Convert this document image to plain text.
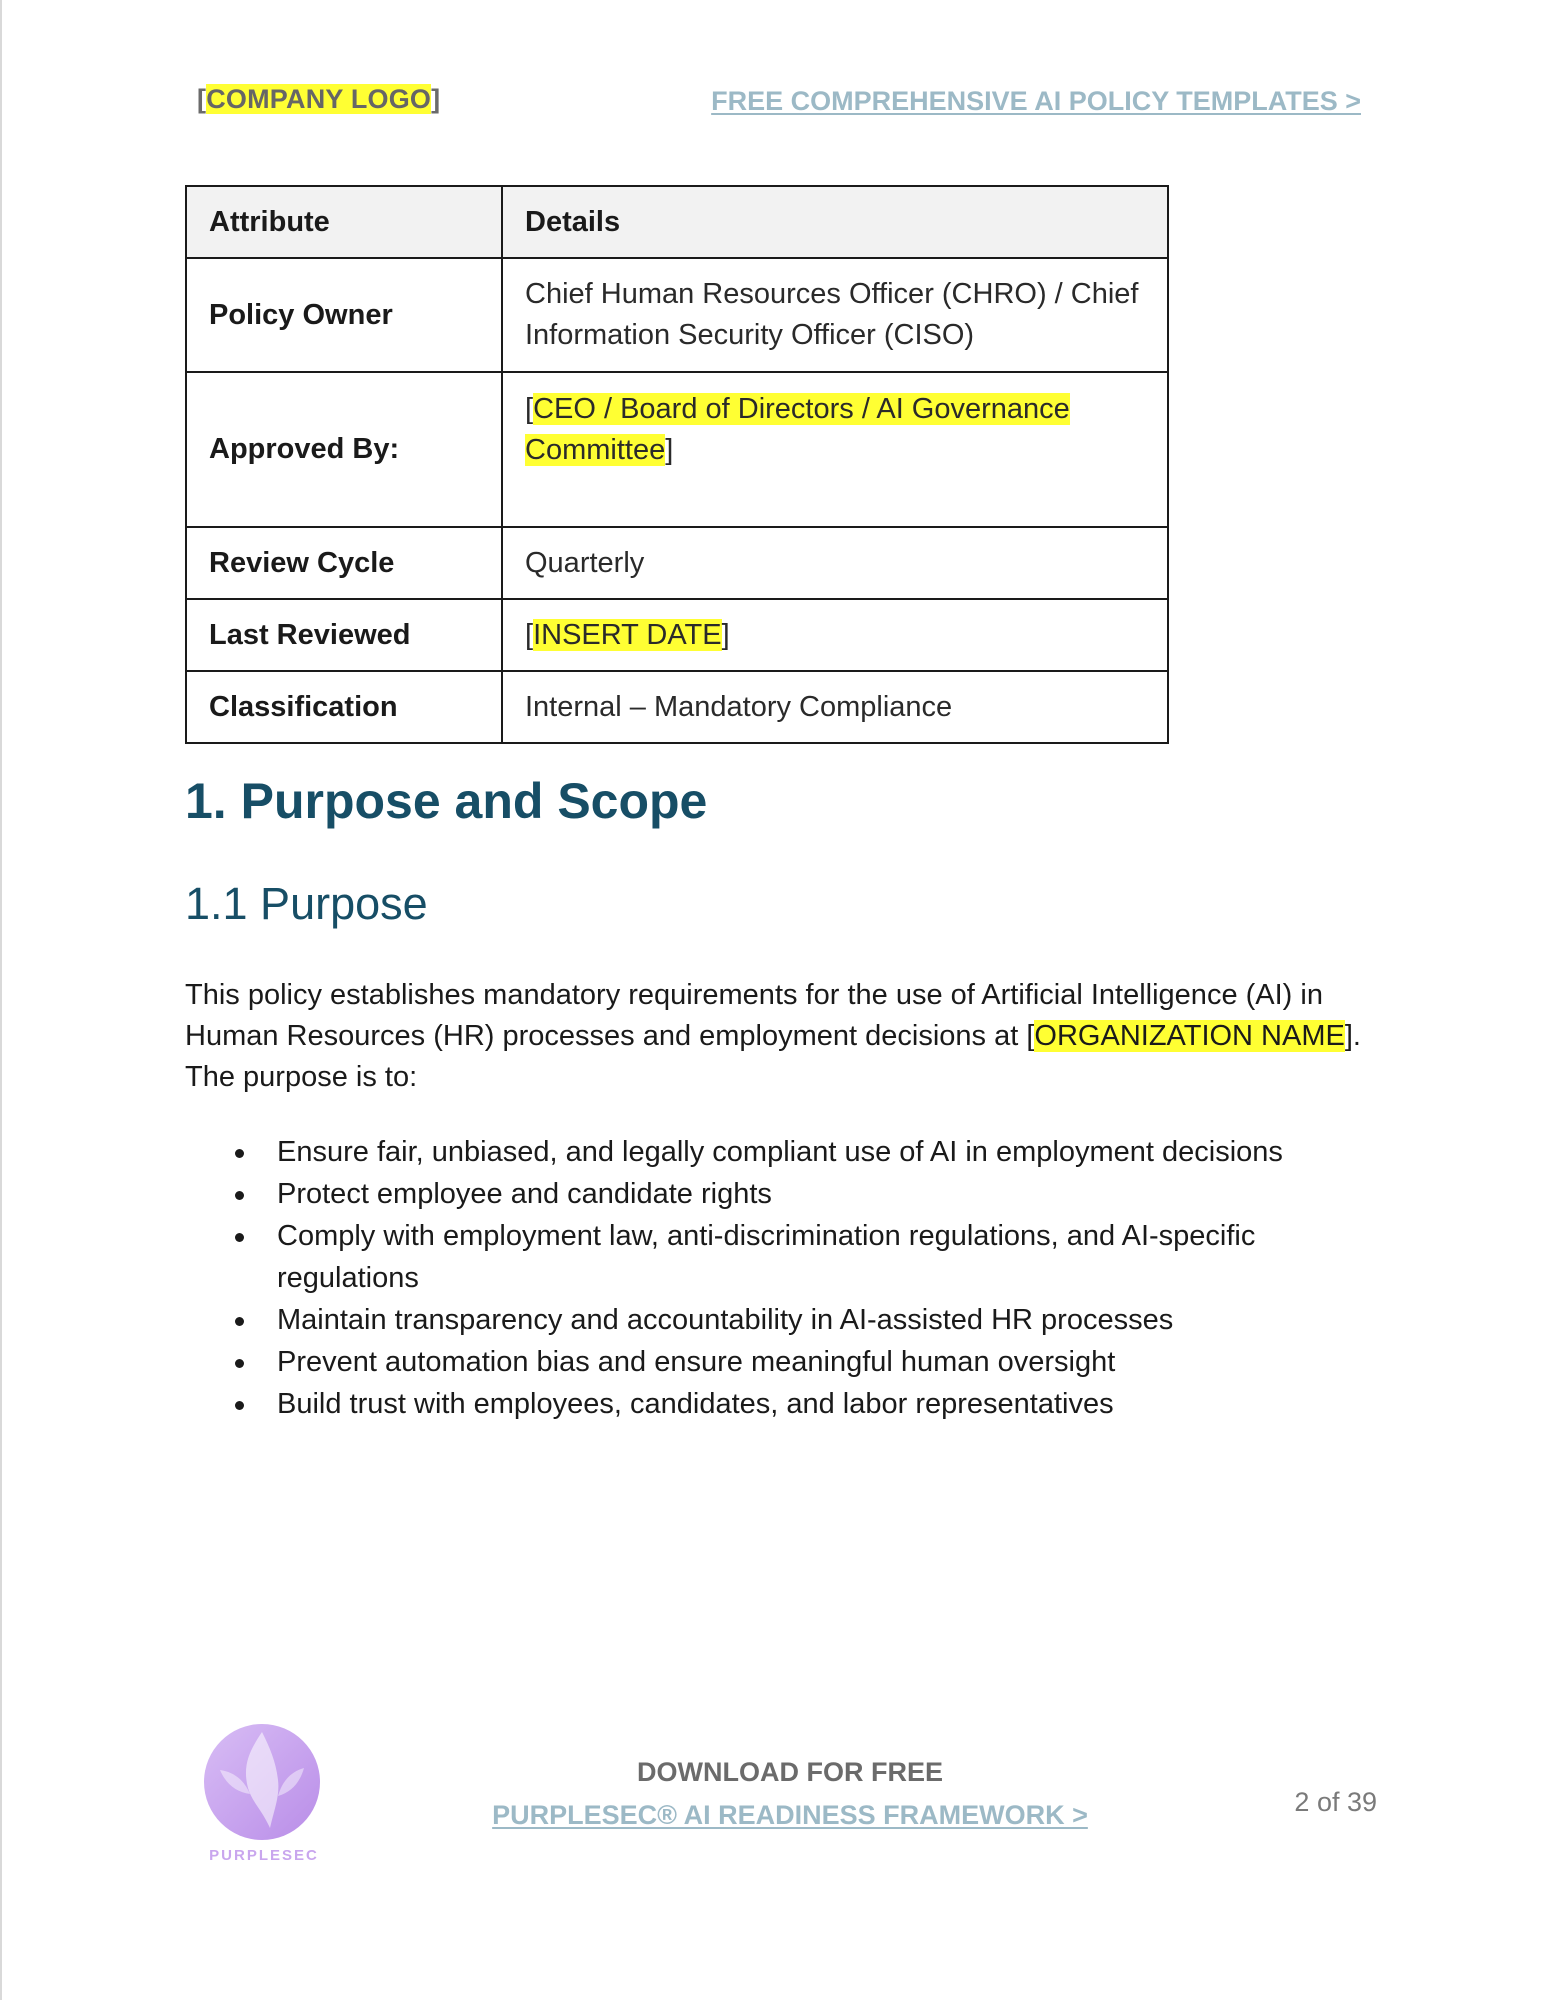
[COMPANY LOGO]	FREE COMPREHENSIVE AI POLICY TEMPLATES >
Attribute	Details
Policy Owner	Chief Human Resources Officer (CHRO) / Chief Information Security Officer (CISO)
Approved By:	[CEO / Board of Directors / AI Governance Committee]
Review Cycle	Quarterly
Last Reviewed	[INSERT DATE]
Classification	Internal – Mandatory Compliance
1. Purpose and Scope
1.1 Purpose

This policy establishes mandatory requirements for the use of Artificial Intelligence (AI) in Human Resources (HR) processes and employment decisions at [ORGANIZATION NAME]. The purpose is to:

Ensure fair, unbiased, and legally compliant use of AI in employment decisions
Protect employee and candidate rights
Comply with employment law, anti-discrimination regulations, and AI-specific regulations
Maintain transparency and accountability in AI-assisted HR processes
Prevent automation bias and ensure meaningful human oversight
Build trust with employees, candidates, and labor representatives
PURPLESEC
DOWNLOAD FOR FREE
PURPLESEC® AI READINESS FRAMEWORK >	2 of 39
